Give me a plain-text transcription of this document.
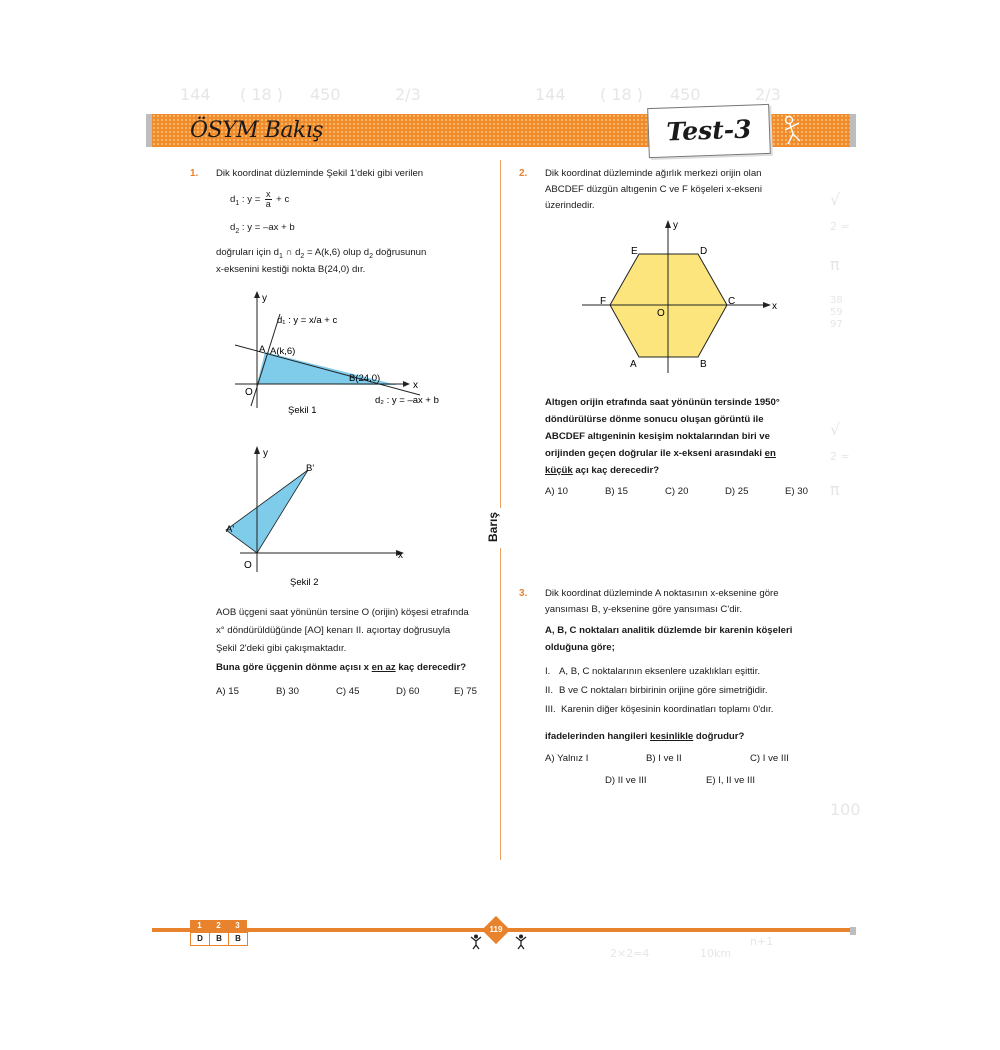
144 ( 18 ) 450	2/3	144 ( 18 ) 450	2/3
√
2 =
π
38
59
97
√
2 =
π
100
2×2=4	10km
n+1
ÖSYM Bakış	Test-3
Barış
1. Dik koordinat düzleminde Şekil 1'deki gibi verilen
$d_1$ : $y = \frac{x}{a} + c$
$d_2$ : y = –ax + b
doğruları için $d_1$ ∩ $d_2 = A(k,6)$ olup $d_2$ doğrusunun
x-eksenini kestiği nokta B(24,0) dır.
y
x
O
A A(k,6)
B(24,0)
d₁ : y = x/a + c
d₂ : y = –ax + b
Şekil 1
y
x
O
A'
B'
Şekil 2
AOB üçgeni saat yönünün tersine O (orijin) köşesi etrafında
x° döndürüldüğünde [AO] kenarı II. açıortay doğrusuyla
Şekil 2'deki gibi çakışmaktadır.
Buna göre üçgenin dönme açısı x en az kaç derecedir?
A) 15	B) 30	C) 45	D) 60	E) 75
2. Dik koordinat düzleminde ağırlık merkezi orijin olan
ABCDEF düzgün altıgenin C ve F köşeleri x-ekseni
üzerindedir.
y
x
O
A	B
C
D
E
F
Altıgen orijin etrafında saat yönünün tersinde 1950°
döndürülürse dönme sonucu oluşan görüntü ile
ABCDEF altıgeninin kesişim noktalarından biri ve
orijinden geçen doğrular ile x-ekseni arasındaki en
küçük açı kaç derecedir?
A) 10	B) 15	C) 20	D) 25	E) 30
3. Dik koordinat düzleminde A noktasının x-eksenine göre
yansıması B, y-eksenine göre yansıması C'dir.
A, B, C noktaları analitik düzlemde bir karenin köşeleri
olduğuna göre;
I. A, B, C noktalarının eksenlere uzaklıkları eşittir.
II. B ve C noktaları birbirinin orijine göre simetriğidir.
III. Karenin diğer köşesinin koordinatları toplamı 0'dır.
ifadelerinden hangileri kesinlikle doğrudur?
A) Yalnız I	B) I ve II	C) I ve III
D) II ve III	E) I, II ve III
1	2	3
D	B	B
119
